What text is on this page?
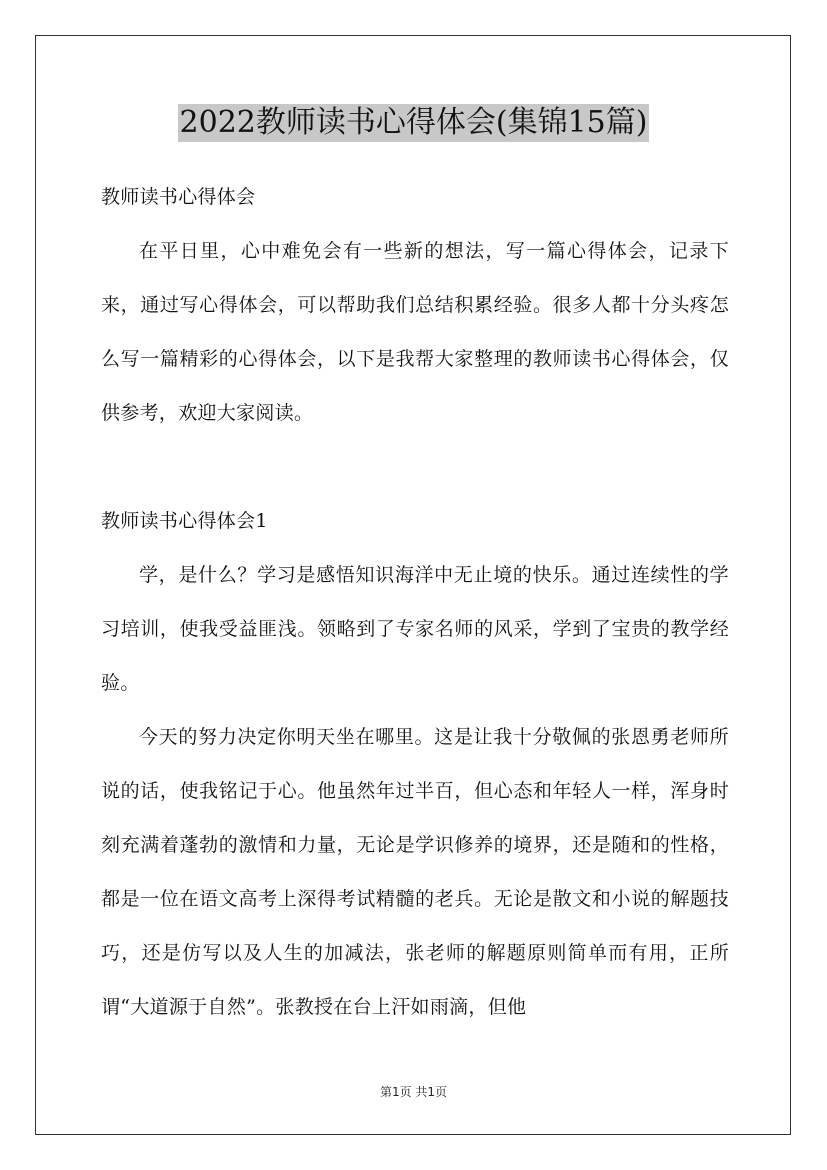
2022教师读书心得体会(集锦15篇)

教师读书心得体会

在平日里，心中难免会有一些新的想法，写一篇心得体会，记录下来，通过写心得体会，可以帮助我们总结积累经验。很多人都十分头疼怎么写一篇精彩的心得体会，以下是我帮大家整理的教师读书心得体会，仅供参考，欢迎大家阅读。

教师读书心得体会1

学，是什么？学习是感悟知识海洋中无止境的快乐。通过连续性的学习培训，使我受益匪浅。领略到了专家名师的风采，学到了宝贵的教学经验。

今天的努力决定你明天坐在哪里。这是让我十分敬佩的张恩勇老师所说的话，使我铭记于心。他虽然年过半百，但心态和年轻人一样，浑身时刻充满着蓬勃的激情和力量，无论是学识修养的境界，还是随和的性格，都是一位在语文高考上深得考试精髓的老兵。无论是散文和小说的解题技巧，还是仿写以及人生的加减法，张老师的解题原则简单而有用，正所谓“大道源于自然”。张教授在台上汗如雨滴，但他

第1页 共1页
